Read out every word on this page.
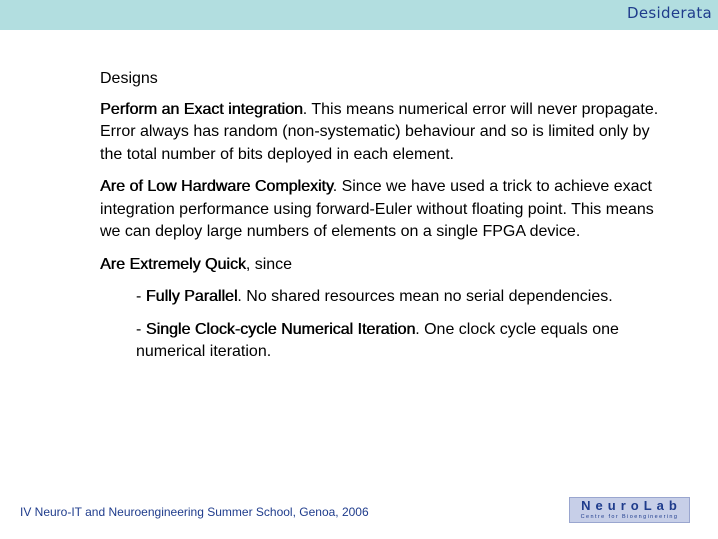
Desiderata

Designs

Perform an Exact integration. This means numerical error will never propagate. Error always has random (non-systematic) behaviour and so is limited only by the total number of bits deployed in each element.

Are of Low Hardware Complexity. Since we have used a trick to achieve exact integration performance using forward-Euler without floating point. This means we can deploy large numbers of elements on a single FPGA device.

Are Extremely Quick, since

- Fully Parallel. No shared resources mean no serial dependencies.

- Single Clock-cycle Numerical Iteration. One clock cycle equals one numerical iteration.

IV Neuro-IT and Neuroengineering Summer School, Genoa, 2006	NeuroLab
Centre for Bioengineering
